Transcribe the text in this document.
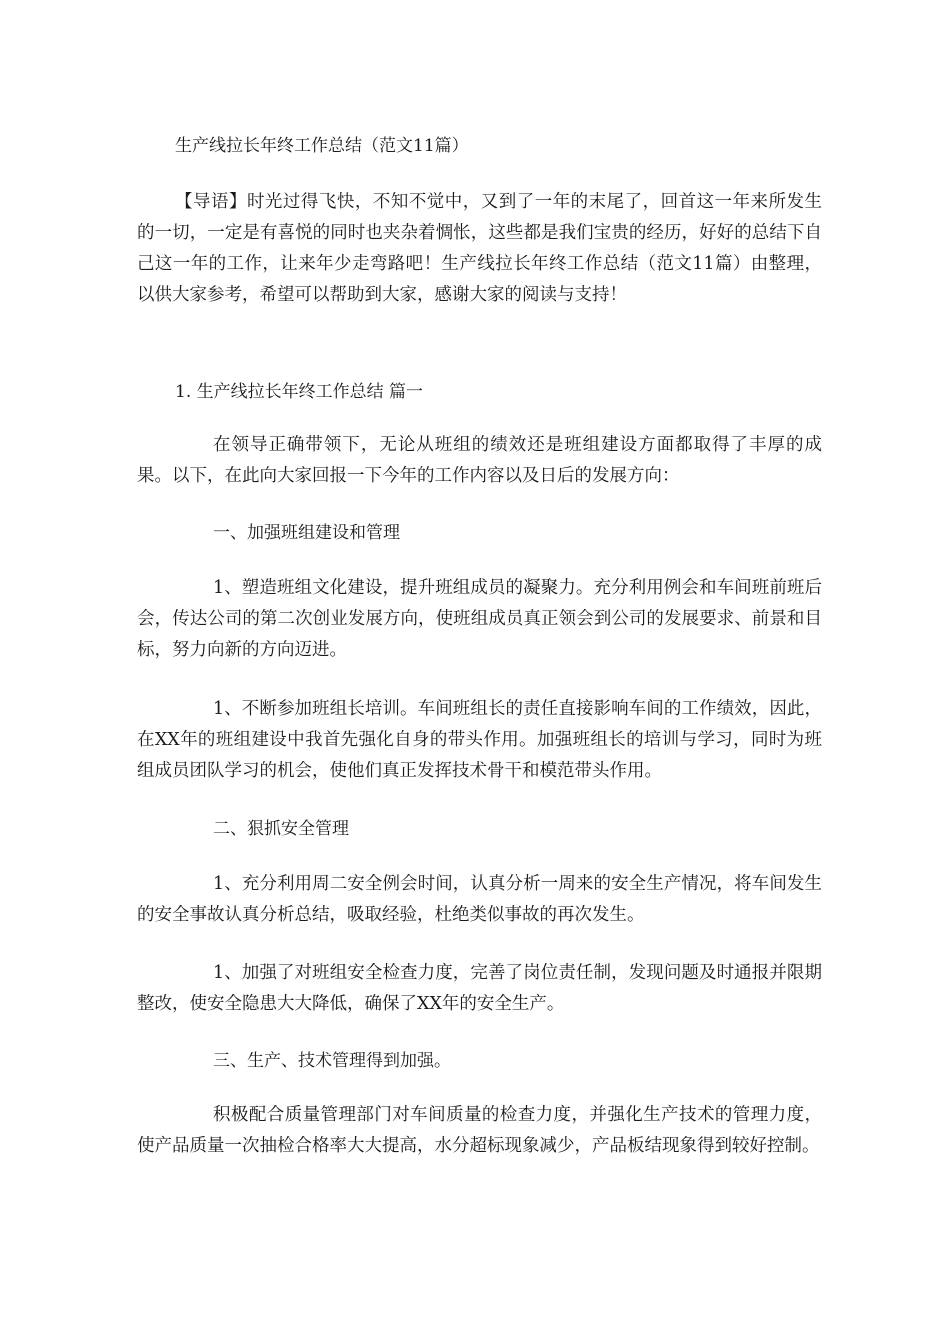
生产线拉长年终工作总结（范文11篇）

【导语】时光过得飞快，不知不觉中，又到了一年的末尾了，回首这一年来所发生的一切，一定是有喜悦的同时也夹杂着惆怅，这些都是我们宝贵的经历，好好的总结下自己这一年的工作，让来年少走弯路吧！生产线拉长年终工作总结（范文11篇）由整理，以供大家参考，希望可以帮助到大家，感谢大家的阅读与支持！

1. 生产线拉长年终工作总结 篇一

在领导正确带领下，无论从班组的绩效还是班组建设方面都取得了丰厚的成果。以下，在此向大家回报一下今年的工作内容以及日后的发展方向：

一、加强班组建设和管理

1、塑造班组文化建设，提升班组成员的凝聚力。充分利用例会和车间班前班后会，传达公司的第二次创业发展方向，使班组成员真正领会到公司的发展要求、前景和目标，努力向新的方向迈进。

1、不断参加班组长培训。车间班组长的责任直接影响车间的工作绩效，因此，在XX年的班组建设中我首先强化自身的带头作用。加强班组长的培训与学习，同时为班组成员团队学习的机会，使他们真正发挥技术骨干和模范带头作用。

二、狠抓安全管理

1、充分利用周二安全例会时间，认真分析一周来的安全生产情况，将车间发生的安全事故认真分析总结，吸取经验，杜绝类似事故的再次发生。

1、加强了对班组安全检查力度，完善了岗位责任制，发现问题及时通报并限期整改，使安全隐患大大降低，确保了XX年的安全生产。

三、生产、技术管理得到加强。

积极配合质量管理部门对车间质量的检查力度，并强化生产技术的管理力度，使产品质量一次抽检合格率大大提高，水分超标现象减少，产品板结现象得到较好控制。
